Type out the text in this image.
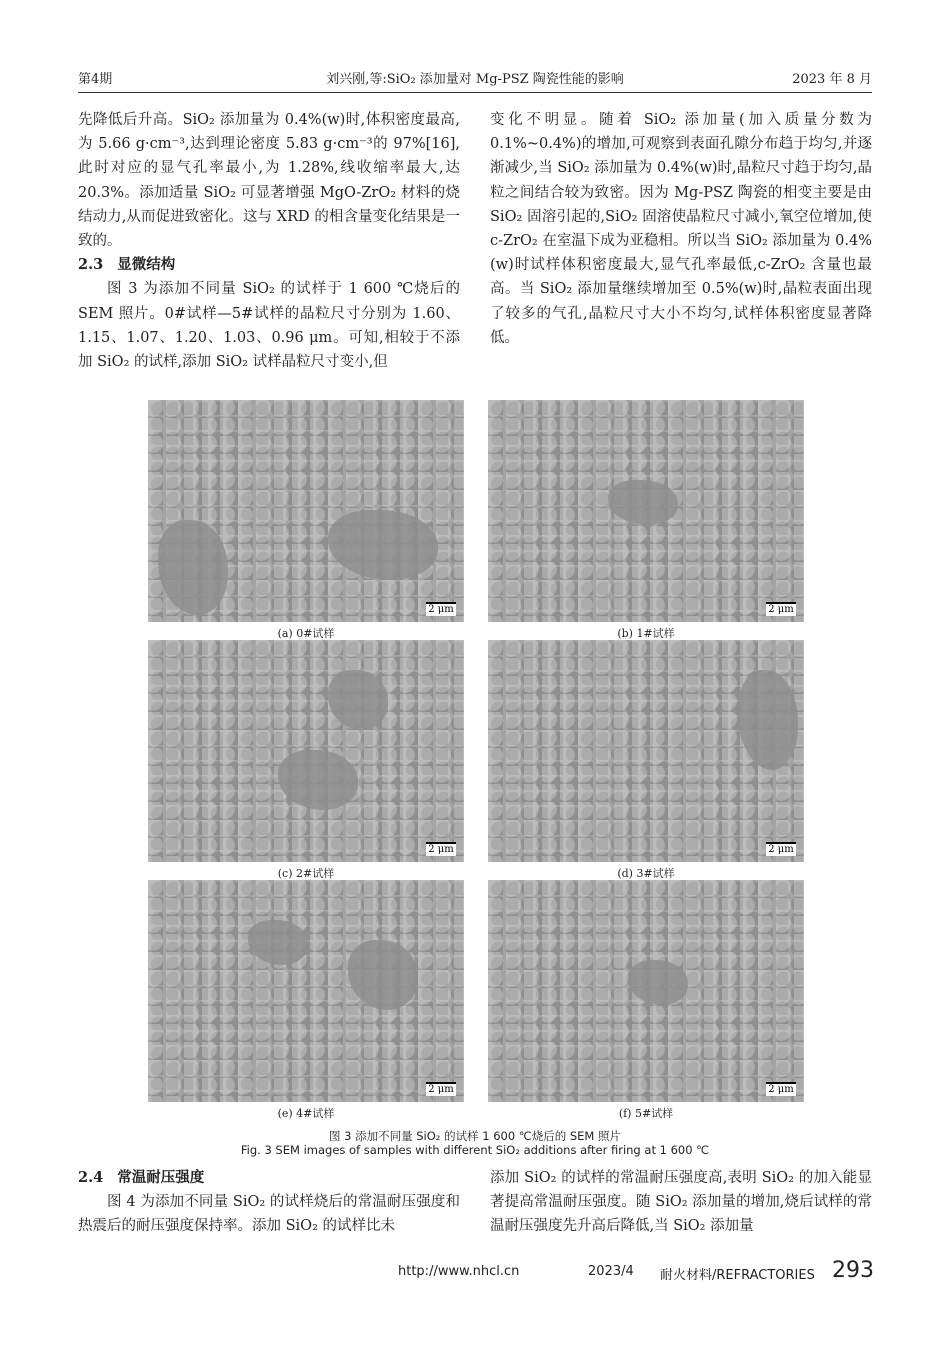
第4期	刘兴刚,等:SiO₂ 添加量对 Mg-PSZ 陶瓷性能的影响	2023 年 8 月

先降低后升高。SiO₂ 添加量为 0.4%(w)时,体积密度最高,为 5.66 g·cm⁻³,达到理论密度 5.83 g·cm⁻³的 97%[16],此时对应的显气孔率最小,为 1.28%,线收缩率最大,达 20.3%。添加适量 SiO₂ 可显著增强 MgO-ZrO₂ 材料的烧结动力,从而促进致密化。这与 XRD 的相含量变化结果是一致的。

2.3 显微结构

图 3 为添加不同量 SiO₂ 的试样于 1 600 ℃烧后的 SEM 照片。0#试样—5#试样的晶粒尺寸分别为 1.60、1.15、1.07、1.20、1.03、0.96 μm。可知,相较于不添加 SiO₂ 的试样,添加 SiO₂ 试样晶粒尺寸变小,但

变化不明显。随着 SiO₂ 添加量(加入质量分数为 0.1%~0.4%)的增加,可观察到表面孔隙分布趋于均匀,并逐渐减少,当 SiO₂ 添加量为 0.4%(w)时,晶粒尺寸趋于均匀,晶粒之间结合较为致密。因为 Mg-PSZ 陶瓷的相变主要是由 SiO₂ 固溶引起的,SiO₂ 固溶使晶粒尺寸减小,氧空位增加,使 c-ZrO₂ 在室温下成为亚稳相。所以当 SiO₂ 添加量为 0.4%(w)时试样体积密度最大,显气孔率最低,c-ZrO₂ 含量也最高。当 SiO₂ 添加量继续增加至 0.5%(w)时,晶粒表面出现了较多的气孔,晶粒尺寸大小不均匀,试样体积密度显著降低。

2 μm
(a) 0#试样
2 μm
(b) 1#试样
2 μm
(c) 2#试样
2 μm
(d) 3#试样
2 μm
(e) 4#试样
2 μm
(f) 5#试样
图 3 添加不同量 SiO₂ 的试样 1 600 ℃烧后的 SEM 照片
Fig. 3 SEM images of samples with different SiO₂ additions after firing at 1 600 ℃
2.4 常温耐压强度

图 4 为添加不同量 SiO₂ 的试样烧后的常温耐压强度和热震后的耐压强度保持率。添加 SiO₂ 的试样比未

添加 SiO₂ 的试样的常温耐压强度高,表明 SiO₂ 的加入能显著提高常温耐压强度。随 SiO₂ 添加量的增加,烧后试样的常温耐压强度先升高后降低,当 SiO₂ 添加量

http://www.nhcl.cn	2023/4 耐火材料/REFRACTORIES 293
